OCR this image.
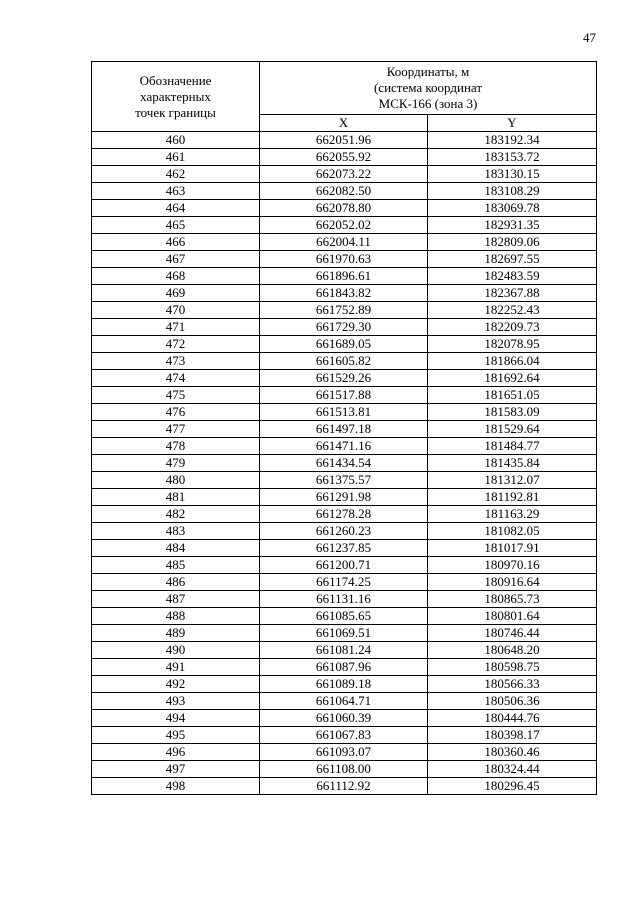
47
Обозначение
характерных
точек границы	Координаты, м
(система координат
МСК-166 (зона 3)	

	X	Y
460	662051.96	183192.34
461	662055.92	183153.72
462	662073.22	183130.15
463	662082.50	183108.29
464	662078.80	183069.78
465	662052.02	182931.35
466	662004.11	182809.06
467	661970.63	182697.55
468	661896.61	182483.59
469	661843.82	182367.88
470	661752.89	182252.43
471	661729.30	182209.73
472	661689.05	182078.95
473	661605.82	181866.04
474	661529.26	181692.64
475	661517.88	181651.05
476	661513.81	181583.09
477	661497.18	181529.64
478	661471.16	181484.77
479	661434.54	181435.84
480	661375.57	181312.07
481	661291.98	181192.81
482	661278.28	181163.29
483	661260.23	181082.05
484	661237.85	181017.91
485	661200.71	180970.16
486	661174.25	180916.64
487	661131.16	180865.73
488	661085.65	180801.64
489	661069.51	180746.44
490	661081.24	180648.20
491	661087.96	180598.75
492	661089.18	180566.33
493	661064.71	180506.36
494	661060.39	180444.76
495	661067.83	180398.17
496	661093.07	180360.46
497	661108.00	180324.44
498	661112.92	180296.45
